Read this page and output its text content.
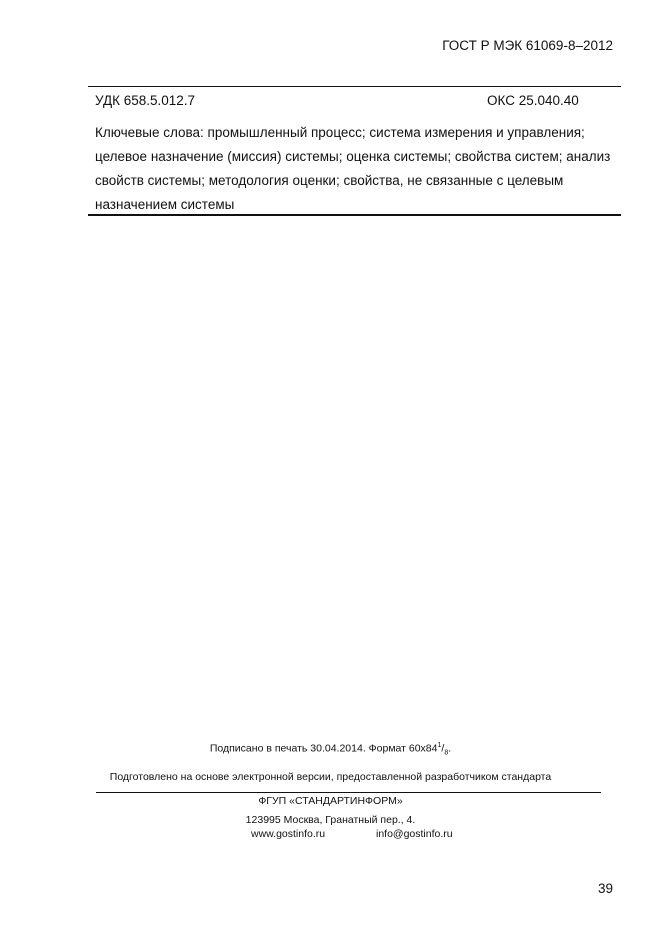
ГОСТ Р МЭК 61069-8–2012
УДК 658.5.012.7	ОКС 25.040.40
Ключевые слова: промышленный процесс; система измерения и управления;
целевое назначение (миссия) системы; оценка системы; свойства систем; анализ
свойств системы; методология оценки; свойства, не связанные с целевым
назначением системы
Подписано в печать 30.04.2014. Формат $60x84^1/_8$.
Подготовлено на основе электронной версии, предоставленной разработчиком стандарта
ФГУП «СТАНДАРТИНФОРМ»
123995 Москва, Гранатный пер., 4.
www.gostinfo.ru	info@gostinfo.ru
39
